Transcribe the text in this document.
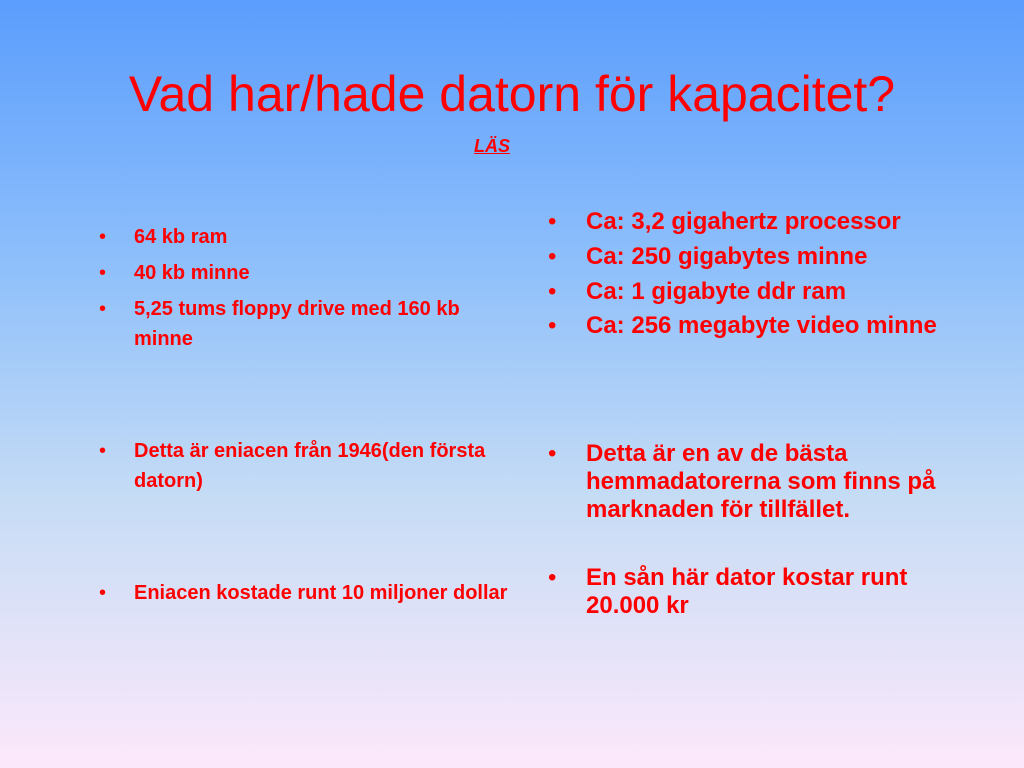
Vad har/hade datorn för kapacitet?

LÄS

• 64 kb ram
• 40 kb minne
• 5,25 tums floppy drive med 160 kb minne
• Detta är eniacen från 1946(den första datorn)
• Eniacen kostade runt 10 miljoner dollar
• Ca: 3,2 gigahertz processor
• Ca: 250 gigabytes minne
• Ca: 1 gigabyte ddr ram
• Ca: 256 megabyte video minne
• Detta är en av de bästa hemmadatorerna som finns på marknaden för tillfället.
• En sån här dator kostar runt 20.000 kr
